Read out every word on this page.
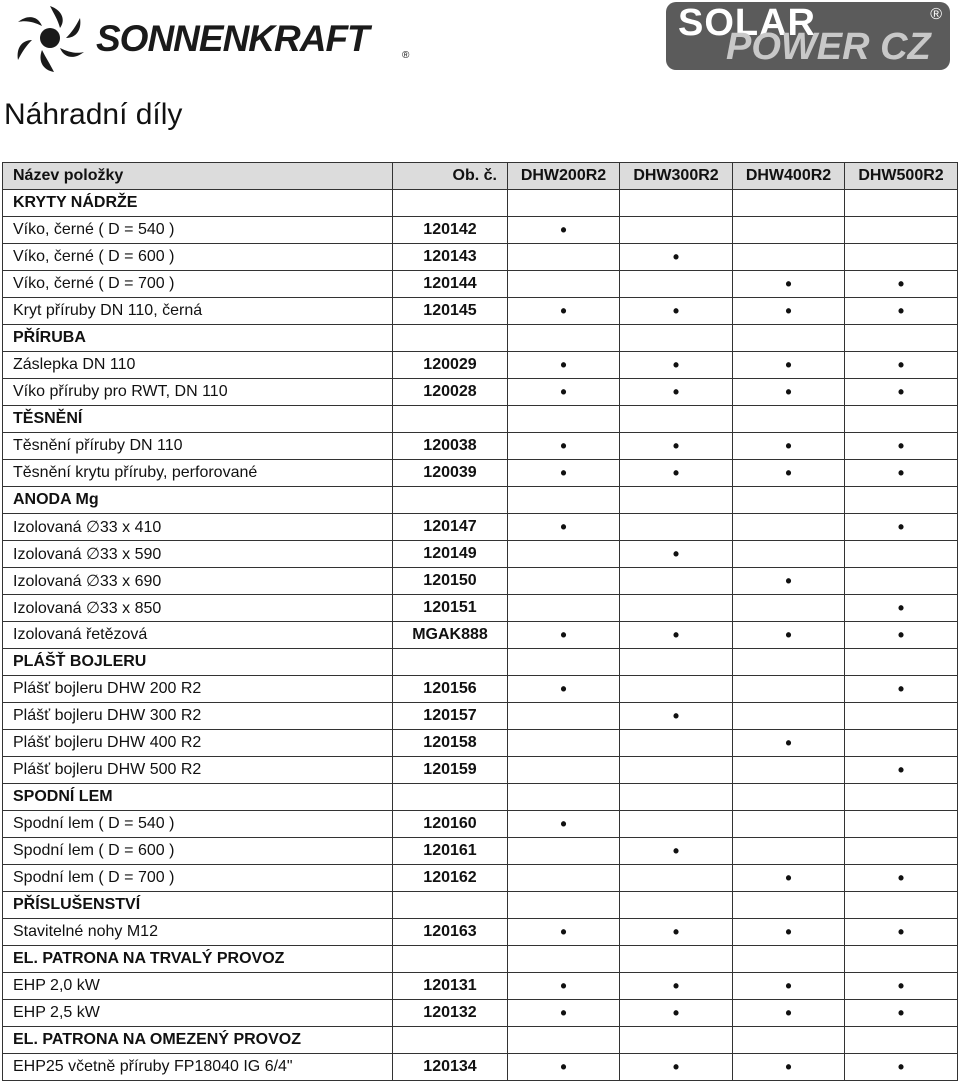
SONNENKRAFT	®
SOLAR
POWER CZ
®
Náhradní díly
Název položky	Ob. č.	DHW200R2	DHW300R2	DHW400R2	DHW500R2
KRYTY NÁDRŽE					
Víko, černé ( D = 540 )	120142	•			
Víko, černé ( D = 600 )	120143		•		
Víko, černé ( D = 700 )	120144			•	•
Kryt příruby DN 110, černá	120145	•	•	•	•
PŘÍRUBA					
Záslepka DN 110	120029	•	•	•	•
Víko příruby pro RWT, DN 110	120028	•	•	•	•
TĚSNĚNÍ					
Těsnění příruby DN 110	120038	•	•	•	•
Těsnění krytu příruby, perforované	120039	•	•	•	•
ANODA Mg					
Izolovaná ∅33 x 410	120147	•			•
Izolovaná ∅33 x 590	120149		•		
Izolovaná ∅33 x 690	120150			•	
Izolovaná ∅33 x 850	120151				•
Izolovaná řetězová	MGAK888	•	•	•	•
PLÁŠŤ BOJLERU					
Plášť bojleru DHW 200 R2	120156	•			•
Plášť bojleru DHW 300 R2	120157		•		
Plášť bojleru DHW 400 R2	120158			•	
Plášť bojleru DHW 500 R2	120159				•
SPODNÍ LEM					
Spodní lem ( D = 540 )	120160	•			
Spodní lem ( D = 600 )	120161		•		
Spodní lem ( D = 700 )	120162			•	•
PŘÍSLUŠENSTVÍ					
Stavitelné nohy M12	120163	•	•	•	•
EL. PATRONA NA TRVALÝ PROVOZ					
EHP 2,0 kW	120131	•	•	•	•
EHP 2,5 kW	120132	•	•	•	•
EL. PATRONA NA OMEZENÝ PROVOZ					
EHP25 včetně příruby FP18040 IG 6/4"	120134	•	•	•	•
